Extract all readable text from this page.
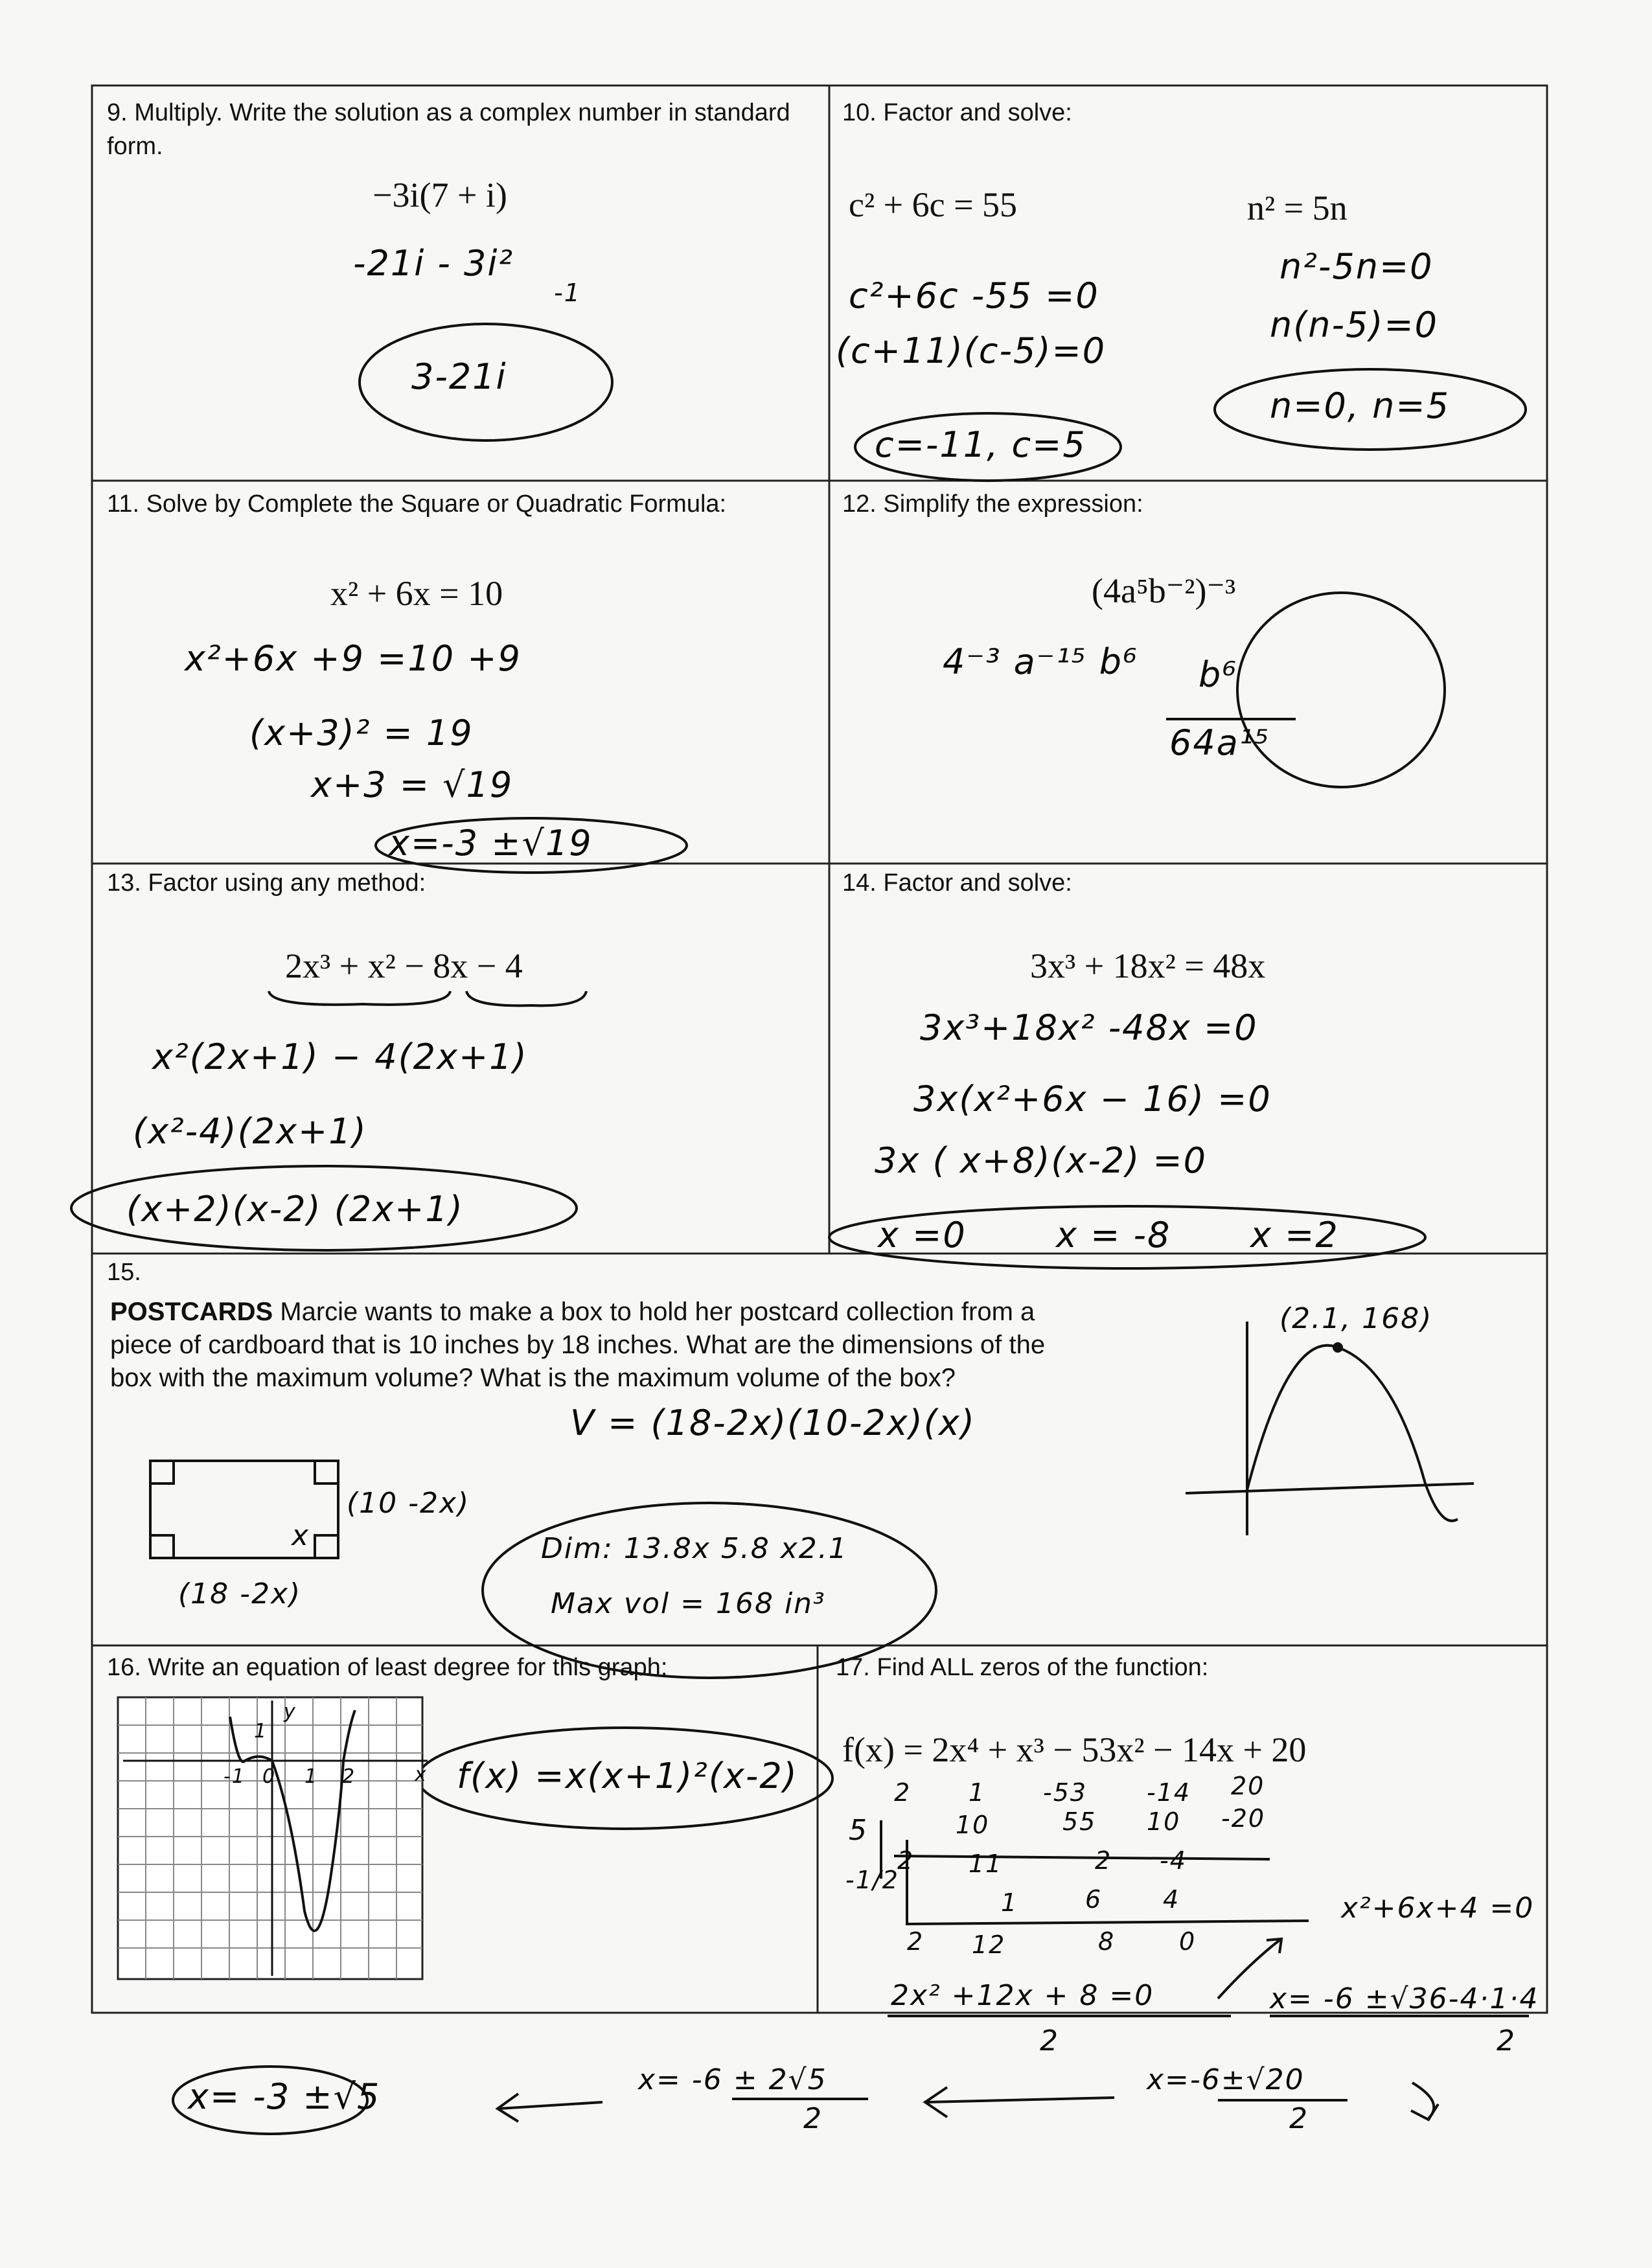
9. Multiply. Write the solution as a complex number in standard form.
−3i(7 + i)
-21i - 3i²
-1
3-21i
10. Factor and solve:
c² + 6c = 55	n² = 5n
c²+6c -55 =0
(c+11)(c-5)=0
c=-11, c=5
n²-5n=0
n(n-5)=0
n=0, n=5
11. Solve by Complete the Square or Quadratic Formula:
x² + 6x = 10
x²+6x +9 =10 +9
(x+3)² = 19
x+3 = √19
x=-3 ±√19
12. Simplify the expression:
(4a⁵b⁻²)⁻³
4⁻³ a⁻¹⁵ b⁶ b⁶
64a¹⁵
13. Factor using any method:
2x³ + x² − 8x − 4
x²(2x+1) − 4(2x+1)
(x²-4)(2x+1)
(x+2)(x-2) (2x+1)
14. Factor and solve:
3x³ + 18x² = 48x
3x³+18x² -48x =0
3x(x²+6x − 16) =0
3x ( x+8)(x-2) =0
x =0	x = -8 x =2
15.
POSTCARDS Marcie wants to make a box to hold her postcard collection from a piece of cardboard that is 10 inches by 18 inches. What are the dimensions of the box with the maximum volume? What is the maximum volume of the box?
V = (18-2x)(10-2x)(x)
(10 -2x)
x
(18 -2x)
(2.1, 168)
Dim: 13.8x 5.8 x2.1
Max vol = 168 in³
16. Write an equation of least degree for this graph:
y
1
-1 0 1 2	x f(x) =x(x+1)²(x-2)
17. Find ALL zeros of the function:
f(x) = 2x⁴ + x³ − 53x² − 14x + 20
2 1 -53 -14 20
10	55 10 -20
5
2 11	2 -4
-1/2
1	6 4
2 12	8	0
x²+6x+4 =0
2x² +12x + 8 =0
2
x= -6 ±√36-4·1·4
2
x=-6±√20
2
x= -6 ± 2√5
2
x= -3 ±√5
